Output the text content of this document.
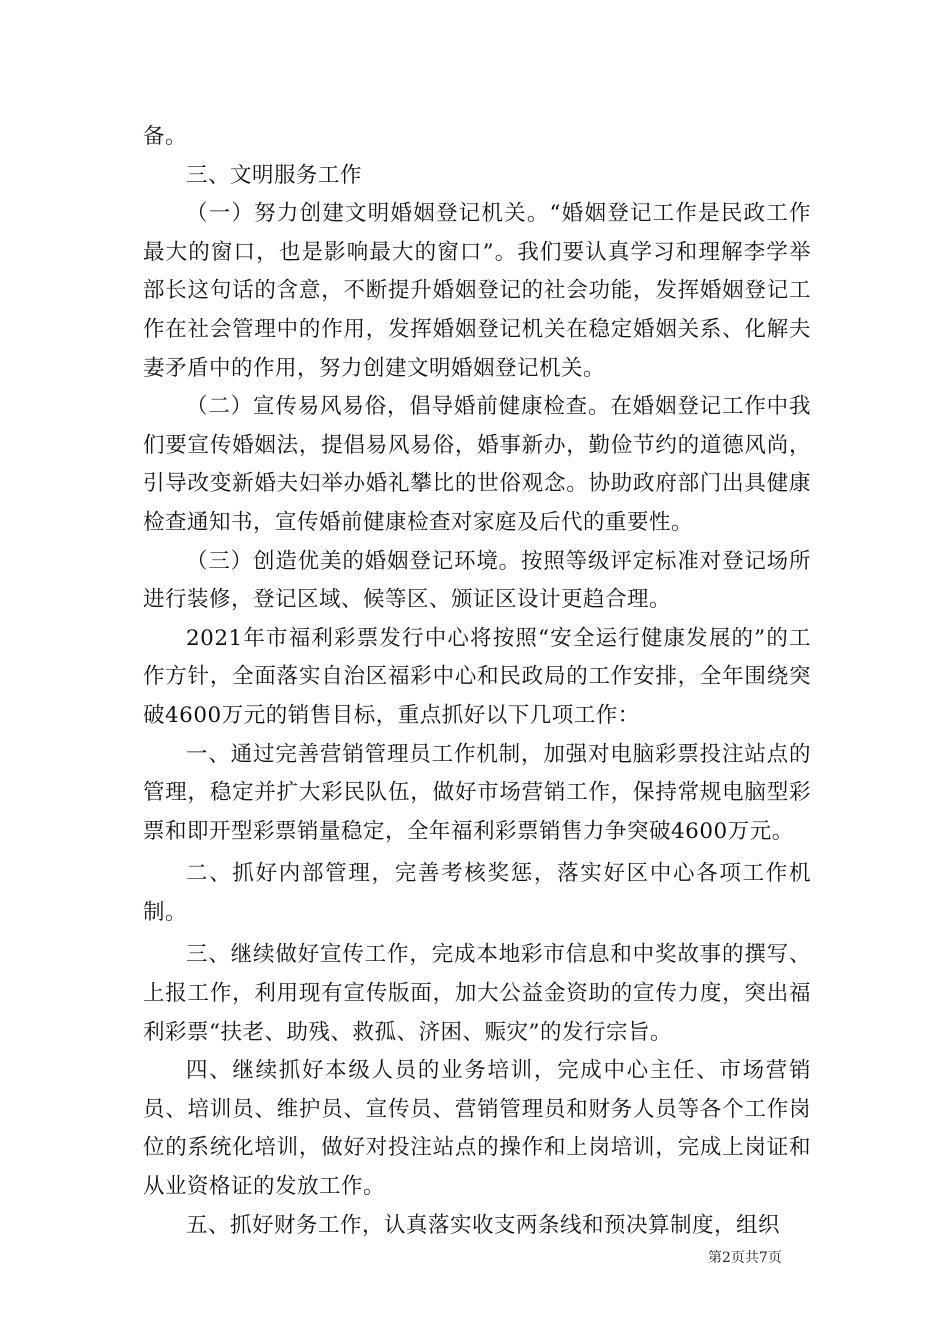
备。

三、文明服务工作

（一）努力创建文明婚姻登记机关。“婚姻登记工作是民政工作最大的窗口，也是影响最大的窗口”。我们要认真学习和理解李学举部长这句话的含意，不断提升婚姻登记的社会功能，发挥婚姻登记工作在社会管理中的作用，发挥婚姻登记机关在稳定婚姻关系、化解夫妻矛盾中的作用，努力创建文明婚姻登记机关。

（二）宣传易风易俗，倡导婚前健康检查。在婚姻登记工作中我们要宣传婚姻法，提倡易风易俗，婚事新办，勤俭节约的道德风尚，引导改变新婚夫妇举办婚礼攀比的世俗观念。协助政府部门出具健康检查通知书，宣传婚前健康检查对家庭及后代的重要性。

（三）创造优美的婚姻登记环境。按照等级评定标准对登记场所进行装修，登记区域、候等区、颁证区设计更趋合理。

2021年市福利彩票发行中心将按照“安全运行健康发展的”的工作方针，全面落实自治区福彩中心和民政局的工作安排，全年围绕突破4600万元的销售目标，重点抓好以下几项工作：

一、通过完善营销管理员工作机制，加强对电脑彩票投注站点的管理，稳定并扩大彩民队伍，做好市场营销工作，保持常规电脑型彩票和即开型彩票销量稳定，全年福利彩票销售力争突破4600万元。

二、抓好内部管理，完善考核奖惩，落实好区中心各项工作机制。

三、继续做好宣传工作，完成本地彩市信息和中奖故事的撰写、上报工作，利用现有宣传版面，加大公益金资助的宣传力度，突出福利彩票“扶老、助残、救孤、济困、赈灾”的发行宗旨。

四、继续抓好本级人员的业务培训，完成中心主任、市场营销员、培训员、维护员、宣传员、营销管理员和财务人员等各个工作岗位的系统化培训，做好对投注站点的操作和上岗培训，完成上岗证和从业资格证的发放工作。

五、抓好财务工作，认真落实收支两条线和预决算制度，组织

第2页共7页
